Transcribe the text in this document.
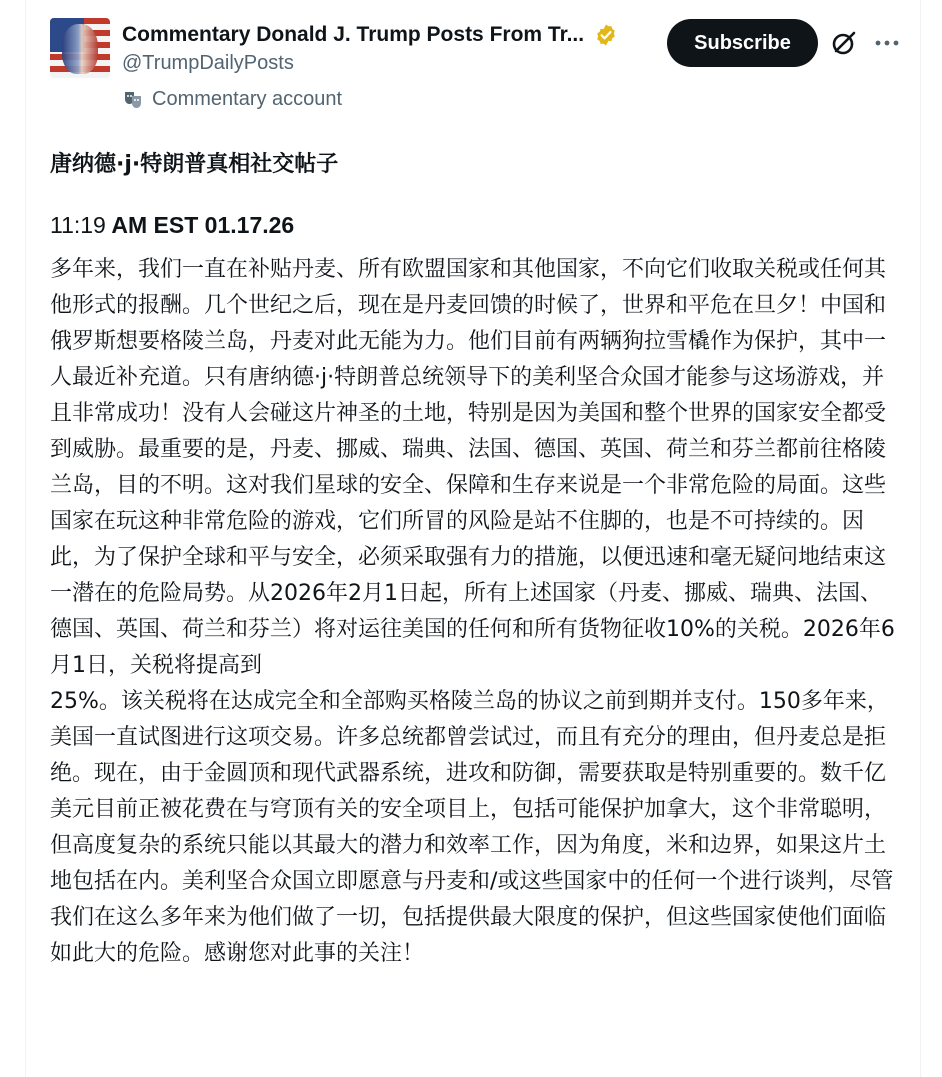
Commentary Donald J. Trump Posts From Tr...
@TrumpDailyPosts
Commentary account
Subscribe
唐纳德·j·特朗普真相社交帖子
11:19 AM EST 01.17.26
多年来，我们一直在补贴丹麦、所有欧盟国家和其他国家，不向它们收取关税或任何其他形式的报酬。几个世纪之后，现在是丹麦回馈的时候了，世界和平危在旦夕！中国和俄罗斯想要格陵兰岛，丹麦对此无能为力。他们目前有两辆狗拉雪橇作为保护，其中一人最近补充道。只有唐纳德·j·特朗普总统领导下的美利坚合众国才能参与这场游戏，并且非常成功！没有人会碰这片神圣的土地，特别是因为美国和整个世界的国家安全都受到威胁。最重要的是，丹麦、挪威、瑞典、法国、德国、英国、荷兰和芬兰都前往格陵兰岛，目的不明。这对我们星球的安全、保障和生存来说是一个非常危险的局面。这些国家在玩这种非常危险的游戏，它们所冒的风险是站不住脚的，也是不可持续的。因此，为了保护全球和平与安全，必须采取强有力的措施，以便迅速和毫无疑问地结束这一潜在的危险局势。从2026年2月1日起，所有上述国家（丹麦、挪威、瑞典、法国、德国、英国、荷兰和芬兰）将对运往美国的任何和所有货物征收10%的关税。2026年6月1日，关税将提高到
25%。该关税将在达成完全和全部购买格陵兰岛的协议之前到期并支付。150多年来，美国一直试图进行这项交易。许多总统都曾尝试过，而且有充分的理由，但丹麦总是拒绝。现在，由于金圆顶和现代武器系统，进攻和防御，需要获取是特别重要的。数千亿美元目前正被花费在与穹顶有关的安全项目上，包括可能保护加拿大，这个非常聪明，但高度复杂的系统只能以其最大的潜力和效率工作，因为角度，米和边界，如果这片土地包括在内。美利坚合众国立即愿意与丹麦和/或这些国家中的任何一个进行谈判，尽管我们在这么多年来为他们做了一切，包括提供最大限度的保护，但这些国家使他们面临如此大的危险。感谢您对此事的关注！
